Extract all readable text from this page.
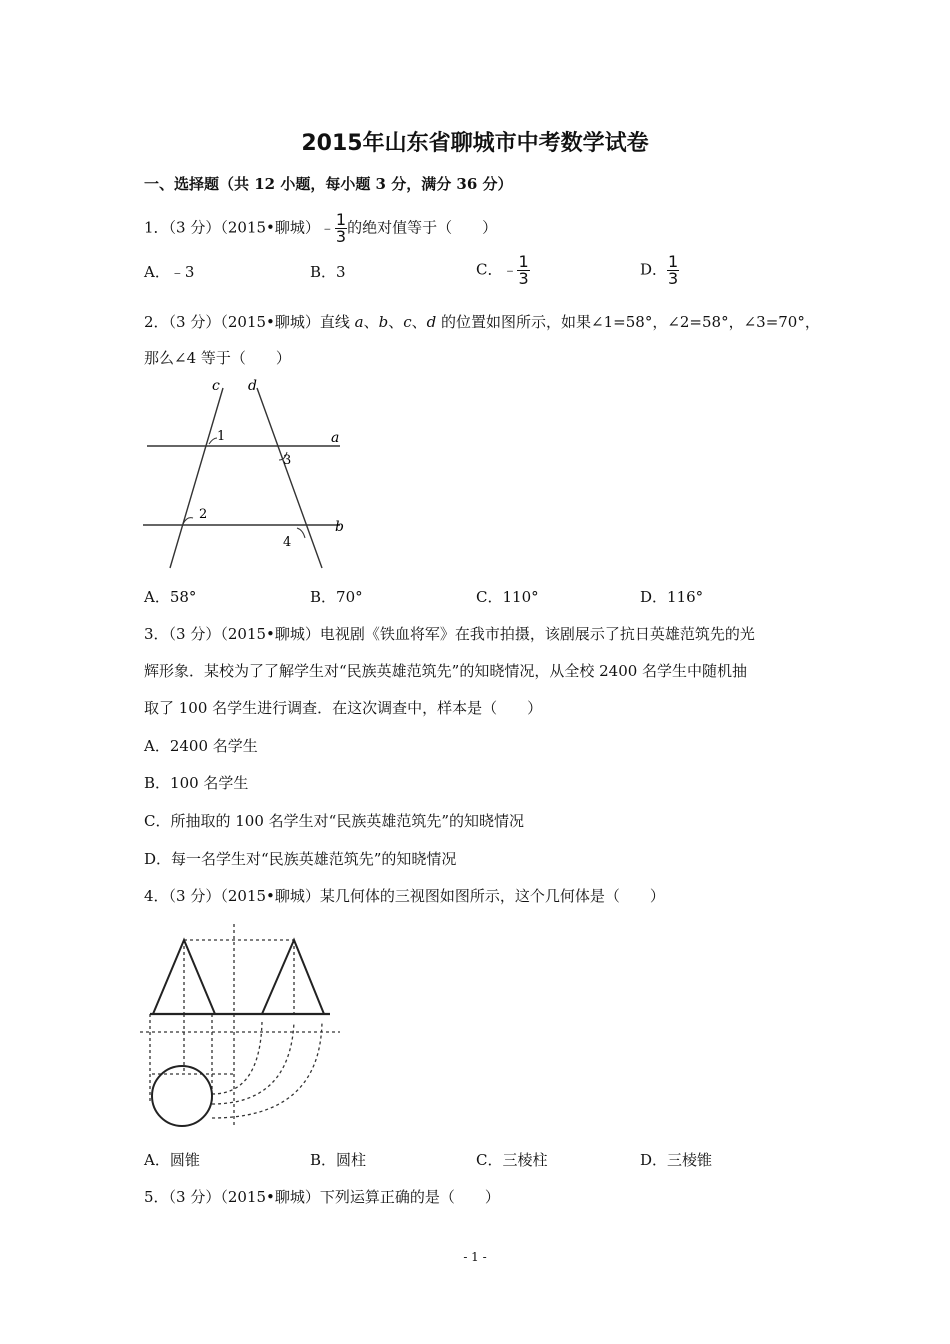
2015年山东省聊城市中考数学试卷
一、选择题（共 12 小题，每小题 3 分，满分 36 分）
1．（3 分）（2015•聊城）﹣ $\frac{1}{3}$ 的绝对值等于（　　）
A．﹣3	B．3	C．﹣ $\frac{1}{3}$	D． $\frac{1}{3}$
2．（3 分）（2015•聊城）直线 a、b、c、d 的位置如图所示，如果∠1=58°，∠2=58°，∠3=70°，
那么∠4 等于（　　）
c d
a
b
1
2
3
4
A．58°	B．70°	C．110°	D．116°
3．（3 分）（2015•聊城）电视剧《铁血将军》在我市拍摄，该剧展示了抗日英雄范筑先的光
辉形象．某校为了了解学生对“民族英雄范筑先”的知晓情况，从全校 2400 名学生中随机抽
取了 100 名学生进行调查．在这次调查中，样本是（　　）
A．2400 名学生
B．100 名学生
C．所抽取的 100 名学生对“民族英雄范筑先”的知晓情况
D．每一名学生对“民族英雄范筑先”的知晓情况
4．（3 分）（2015•聊城）某几何体的三视图如图所示，这个几何体是（　　）
A．圆锥	B．圆柱	C．三棱柱	D．三棱锥
5．（3 分）（2015•聊城）下列运算正确的是（　　）
- 1 -
